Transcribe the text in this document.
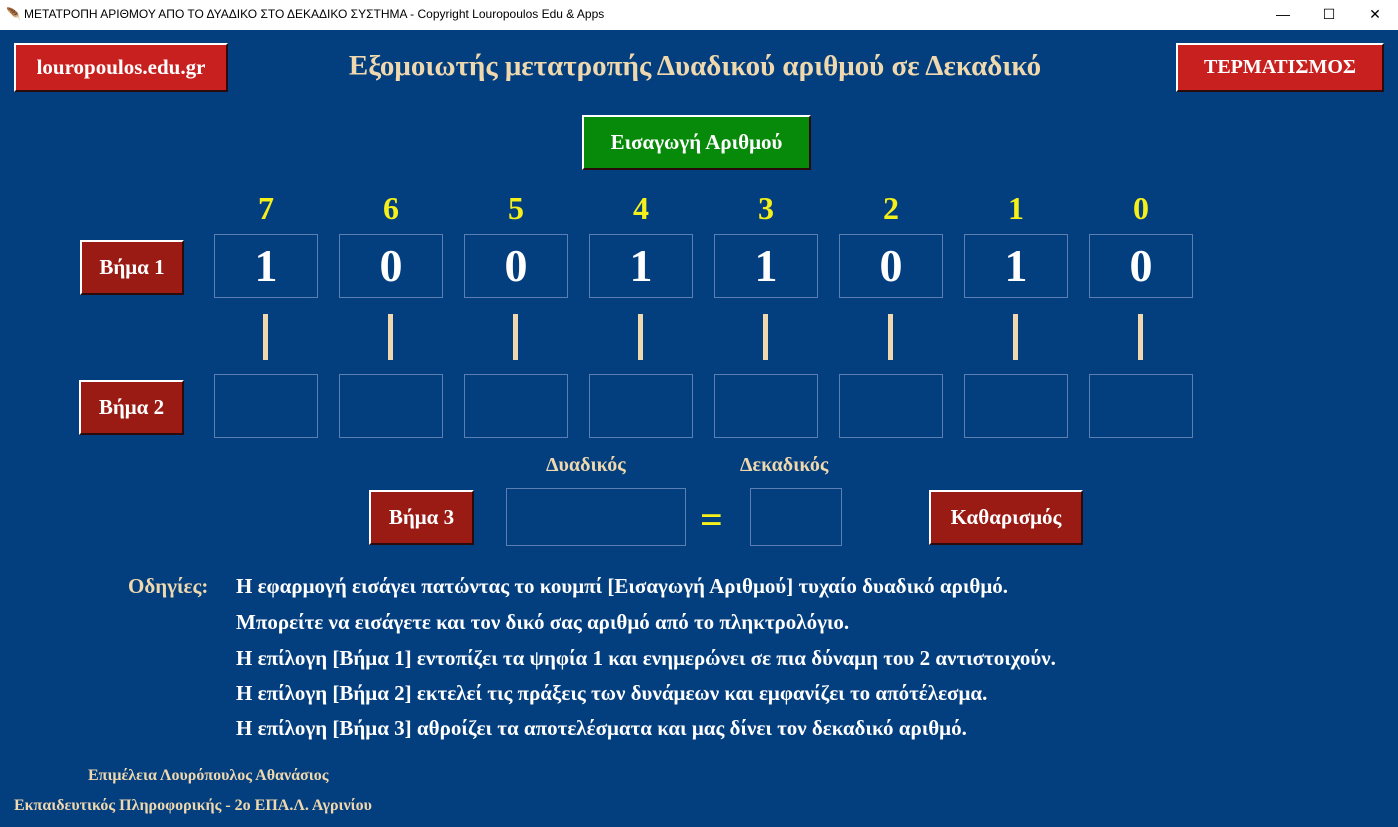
🪶 ΜΕΤΑΤΡΟΠΗ ΑΡΙΘΜΟΥ ΑΠΟ ΤΟ ΔΥΑΔΙΚΟ ΣΤΟ ΔΕΚΑΔΙΚΟ ΣΥΣΤΗΜΑ - Copyright Louropoulos Edu & Apps	—	☐	✕
louropoulos.edu.gr	Εξομοιωτής μετατροπής Δυαδικού αριθμού σε Δεκαδικό	ΤΕΡΜΑΤΙΣΜΟΣ
Εισαγωγή Αριθμού
7	6	5	4	3	2	1	0
Βήμα 1	1	0	0	1	1	0	1	0
Βήμα 2
Δυαδικός	Δεκαδικός
Βήμα 3	=	Καθαρισμός
Οδηγίες: Η εφαρμογή εισάγει πατώντας το κουμπί [Εισαγωγή Αριθμού] τυχαίο δυαδικό αριθμό.
Μπορείτε να εισάγετε και τον δικό σας αριθμό από το πληκτρολόγιο.
Η επίλογη [Βήμα 1] εντοπίζει τα ψηφία 1 και ενημερώνει σε πια δύναμη του 2 αντιστοιχούν.
Η επίλογη [Βήμα 2] εκτελεί τις πράξεις των δυνάμεων και εμφανίζει το απότέλεσμα.
Η επίλογη [Βήμα 3] αθροίζει τα αποτελέσματα και μας δίνει τον δεκαδικό αριθμό.
Επιμέλεια Λουρόπουλος Αθανάσιος
Εκπαιδευτικός Πληροφορικής - 2ο ΕΠΑ.Λ. Αγρινίου
